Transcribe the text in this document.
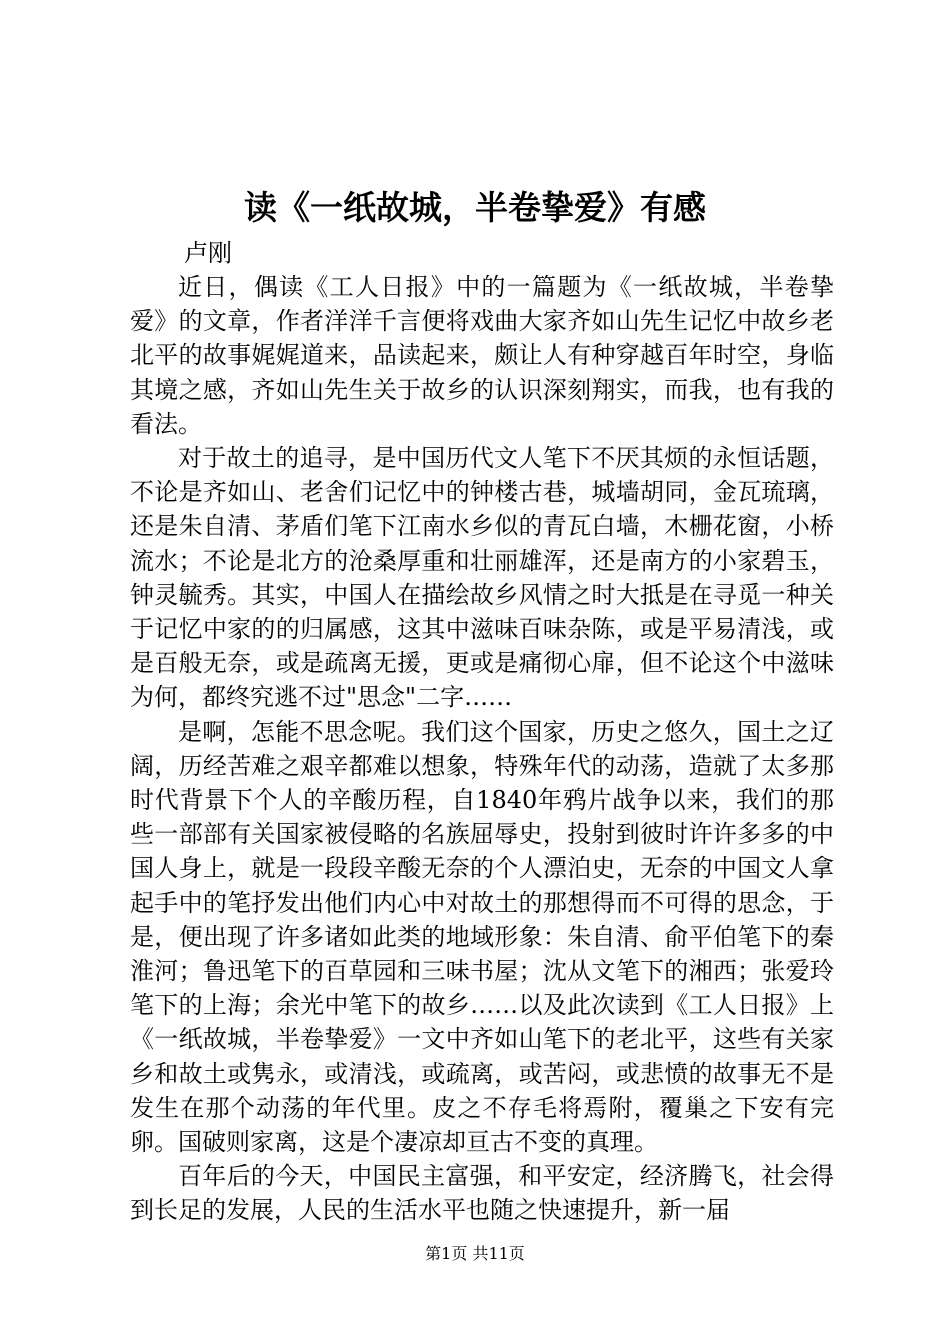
读《一纸故城，半卷挚爱》有感
卢刚

近日，偶读《工人日报》中的一篇题为《一纸故城，半卷挚爱》的文章，作者洋洋千言便将戏曲大家齐如山先生记忆中故乡老北平的故事娓娓道来，品读起来，颇让人有种穿越百年时空，身临其境之感，齐如山先生关于故乡的认识深刻翔实，而我，也有我的看法。

对于故土的追寻，是中国历代文人笔下不厌其烦的永恒话题，不论是齐如山、老舍们记忆中的钟楼古巷，城墙胡同，金瓦琉璃，还是朱自清、茅盾们笔下江南水乡似的青瓦白墙，木栅花窗，小桥流水；不论是北方的沧桑厚重和壮丽雄浑，还是南方的小家碧玉，钟灵毓秀。其实，中国人在描绘故乡风情之时大抵是在寻觅一种关于记忆中家的的归属感，这其中滋味百味杂陈，或是平易清浅，或是百般无奈，或是疏离无援，更或是痛彻心扉，但不论这个中滋味为何，都终究逃不过"思念"二字……

是啊，怎能不思念呢。我们这个国家，历史之悠久，国土之辽阔，历经苦难之艰辛都难以想象，特殊年代的动荡，造就了太多那时代背景下个人的辛酸历程，自1840年鸦片战争以来，我们的那些一部部有关国家被侵略的名族屈辱史，投射到彼时许许多多的中国人身上，就是一段段辛酸无奈的个人漂泊史，无奈的中国文人拿起手中的笔抒发出他们内心中对故土的那想得而不可得的思念，于是，便出现了许多诸如此类的地域形象：朱自清、俞平伯笔下的秦淮河；鲁迅笔下的百草园和三味书屋；沈从文笔下的湘西；张爱玲笔下的上海；余光中笔下的故乡……以及此次读到《工人日报》上《一纸故城，半卷挚爱》一文中齐如山笔下的老北平，这些有关家乡和故土或隽永，或清浅，或疏离，或苦闷，或悲愤的故事无不是发生在那个动荡的年代里。皮之不存毛将焉附，覆巢之下安有完卵。国破则家离，这是个凄凉却亘古不变的真理。

百年后的今天，中国民主富强，和平安定，经济腾飞，社会得到长足的发展，人民的生活水平也随之快速提升，新一届

第1页 共11页
